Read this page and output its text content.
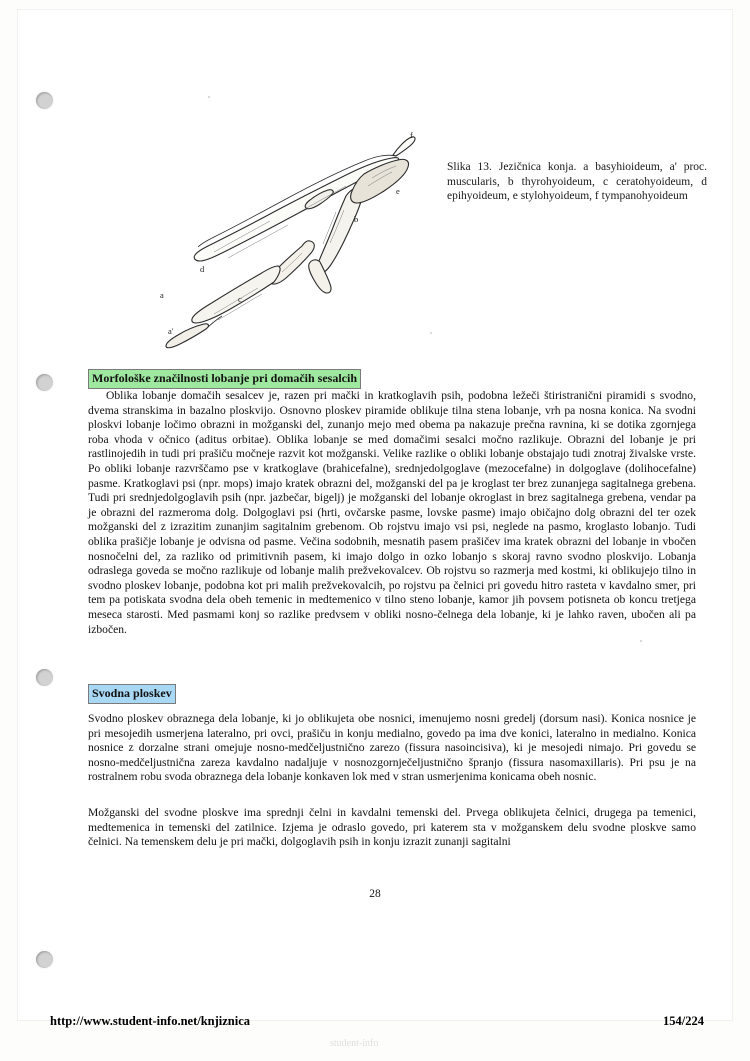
f
e
b
d
c
a
a'
Slika 13. Jezičnica konja. a basyhioideum, a' proc. muscularis, b thyrohyoideum, c ceratohyoideum, d epihyoideum, e stylohyoideum, f tympanohyoideum
Morfološke značilnosti lobanje pri domačih sesalcih
Oblika lobanje domačih sesalcev je, razen pri mački in kratkoglavih psih, podobna ležeči štiristranični piramidi s svodno, dvema stranskima in bazalno ploskvijo. Osnovno ploskev piramide oblikuje tilna stena lobanje, vrh pa nosna konica. Na svodni ploskvi lobanje ločimo obrazni in možganski del, zunanjo mejo med obema pa nakazuje prečna ravnina, ki se dotika zgornjega roba vhoda v očnico (aditus orbitae). Oblika lobanje se med domačimi sesalci močno razlikuje. Obrazni del lobanje je pri rastlinojedih in tudi pri prašiču močneje razvit kot možganski. Velike razlike o obliki lobanje obstajajo tudi znotraj živalske vrste. Po obliki lobanje razvrščamo pse v kratkoglave (brahicefalne), srednjedolgoglave (mezocefalne) in dolgoglave (dolihocefalne) pasme. Kratkoglavi psi (npr. mops) imajo kratek obrazni del, možganski del pa je kroglast ter brez zunanjega sagitalnega grebena. Tudi pri srednjedolgoglavih psih (npr. jazbečar, bigelj) je možganski del lobanje okroglast in brez sagitalnega grebena, vendar pa je obrazni del razmeroma dolg. Dolgoglavi psi (hrti, ovčarske pasme, lovske pasme) imajo običajno dolg obrazni del ter ozek možganski del z izrazitim zunanjim sagitalnim grebenom. Ob rojstvu imajo vsi psi, neglede na pasmo, kroglasto lobanjo. Tudi oblika prašičje lobanje je odvisna od pasme. Večina sodobnih, mesnatih pasem prašičev ima kratek obrazni del lobanje in vbočen nosnočelni del, za razliko od primitivnih pasem, ki imajo dolgo in ozko lobanjo s skoraj ravno svodno ploskvijo. Lobanja odraslega goveda se močno razlikuje od lobanje malih prežvekovalcev. Ob rojstvu so razmerja med kostmi, ki oblikujejo tilno in svodno ploskev lobanje, podobna kot pri malih prežvekovalcih, po rojstvu pa čelnici pri govedu hitro rasteta v kavdalno smer, pri tem pa potiskata svodna dela obeh temenic in medtemenico v tilno steno lobanje, kamor jih povsem potisneta ob koncu tretjega meseca starosti. Med pasmami konj so razlike predvsem v obliki nosno-čelnega dela lobanje, ki je lahko raven, ubočen ali pa izbočen.
Svodna ploskev
Svodno ploskev obraznega dela lobanje, ki jo oblikujeta obe nosnici, imenujemo nosni gredelj (dorsum nasi). Konica nosnice je pri mesojedih usmerjena lateralno, pri ovci, prašiču in konju medialno, govedo pa ima dve konici, lateralno in medialno. Konica nosnice z dorzalne strani omejuje nosno-medčeljustnično zarezo (fissura nasoincisiva), ki je mesojedi nimajo. Pri govedu se nosno-medčeljustnična zareza kavdalno nadaljuje v nosnozgornječeljustnično špranjo (fissura nasomaxillaris). Pri psu je na rostralnem robu svoda obraznega dela lobanje konkaven lok med v stran usmerjenima konicama obeh nosnic.
Možganski del svodne ploskve ima sprednji čelni in kavdalni temenski del. Prvega oblikujeta čelnici, drugega pa temenici, medtemenica in temenski del zatilnice. Izjema je odraslo govedo, pri katerem sta v možganskem delu svodne ploskve samo čelnici. Na temenskem delu je pri mački, dolgoglavih psih in konju izrazit zunanji sagitalni
28
http://www.student-info.net/knjiznica	154/224
student-info
